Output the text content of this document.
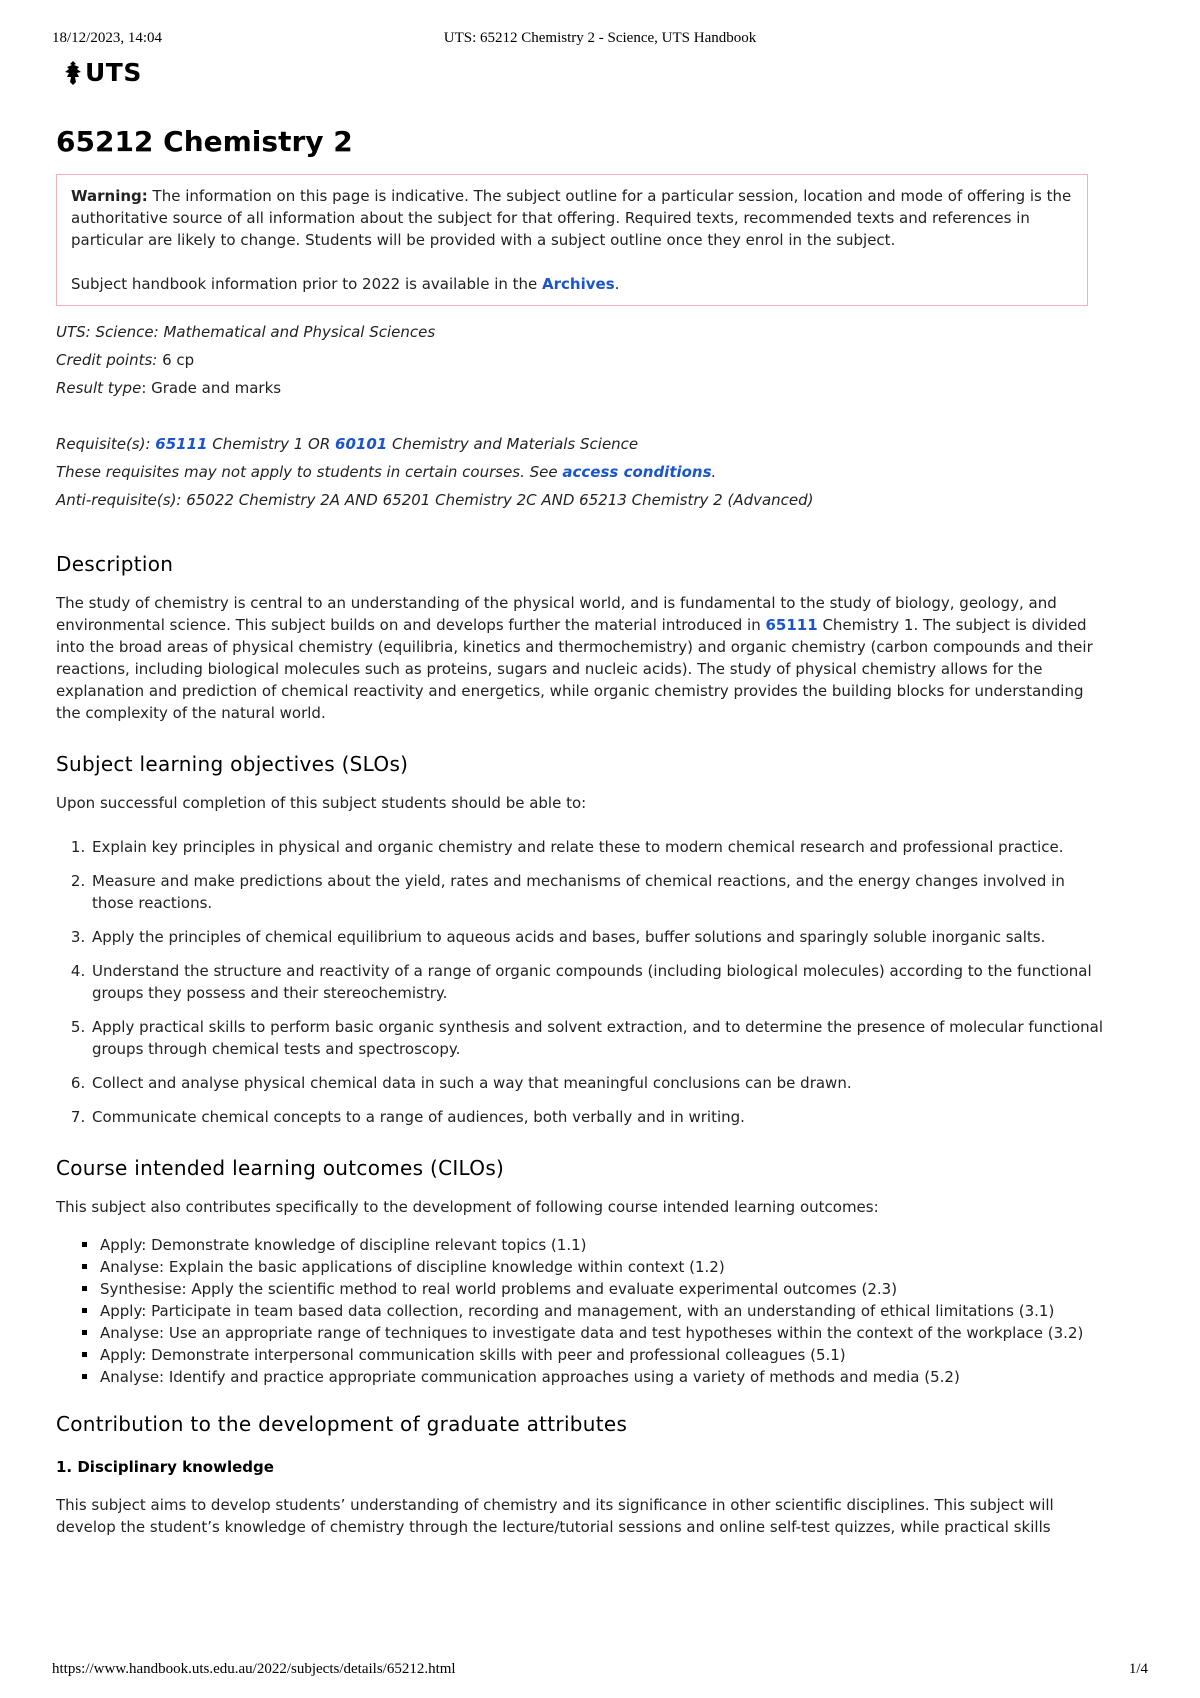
18/12/2023, 14:04	UTS: 65212 Chemistry 2 - Science, UTS Handbook
UTS
65212 Chemistry 2

Warning: The information on this page is indicative. The subject outline for a particular session, location and mode of offering is the authoritative source of all information about the subject for that offering. Required texts, recommended texts and references in particular are likely to change. Students will be provided with a subject outline once they enrol in the subject.

Subject handbook information prior to 2022 is available in the Archives.

UTS: Science: Mathematical and Physical Sciences
Credit points: 6 cp
Result type: Grade and marks
Requisite(s): 65111 Chemistry 1 OR 60101 Chemistry and Materials Science
These requisites may not apply to students in certain courses. See access conditions.
Anti-requisite(s): 65022 Chemistry 2A AND 65201 Chemistry 2C AND 65213 Chemistry 2 (Advanced)
Description
The study of chemistry is central to an understanding of the physical world, and is fundamental to the study of biology, geology, and environmental science. This subject builds on and develops further the material introduced in 65111 Chemistry 1. The subject is divided into the broad areas of physical chemistry (equilibria, kinetics and thermochemistry) and organic chemistry (carbon compounds and their reactions, including biological molecules such as proteins, sugars and nucleic acids). The study of physical chemistry allows for the explanation and prediction of chemical reactivity and energetics, while organic chemistry provides the building blocks for understanding the complexity of the natural world.
Subject learning objectives (SLOs)
Upon successful completion of this subject students should be able to:
1. Explain key principles in physical and organic chemistry and relate these to modern chemical research and professional practice.
2. Measure and make predictions about the yield, rates and mechanisms of chemical reactions, and the energy changes involved in those reactions.
3. Apply the principles of chemical equilibrium to aqueous acids and bases, buffer solutions and sparingly soluble inorganic salts.
4. Understand the structure and reactivity of a range of organic compounds (including biological molecules) according to the functional groups they possess and their stereochemistry.
5. Apply practical skills to perform basic organic synthesis and solvent extraction, and to determine the presence of molecular functional groups through chemical tests and spectroscopy.
6. Collect and analyse physical chemical data in such a way that meaningful conclusions can be drawn.
7. Communicate chemical concepts to a range of audiences, both verbally and in writing.
Course intended learning outcomes (CILOs)
This subject also contributes specifically to the development of following course intended learning outcomes:
Apply: Demonstrate knowledge of discipline relevant topics (1.1)
Analyse: Explain the basic applications of discipline knowledge within context (1.2)
Synthesise: Apply the scientific method to real world problems and evaluate experimental outcomes (2.3)
Apply: Participate in team based data collection, recording and management, with an understanding of ethical limitations (3.1)
Analyse: Use an appropriate range of techniques to investigate data and test hypotheses within the context of the workplace (3.2)
Apply: Demonstrate interpersonal communication skills with peer and professional colleagues (5.1)
Analyse: Identify and practice appropriate communication approaches using a variety of methods and media (5.2)
Contribution to the development of graduate attributes
1. Disciplinary knowledge
This subject aims to develop students’ understanding of chemistry and its significance in other scientific disciplines. This subject will develop the student’s knowledge of chemistry through the lecture/tutorial sessions and online self-test quizzes, while practical skills
https://www.handbook.uts.edu.au/2022/subjects/details/65212.html	1/4
